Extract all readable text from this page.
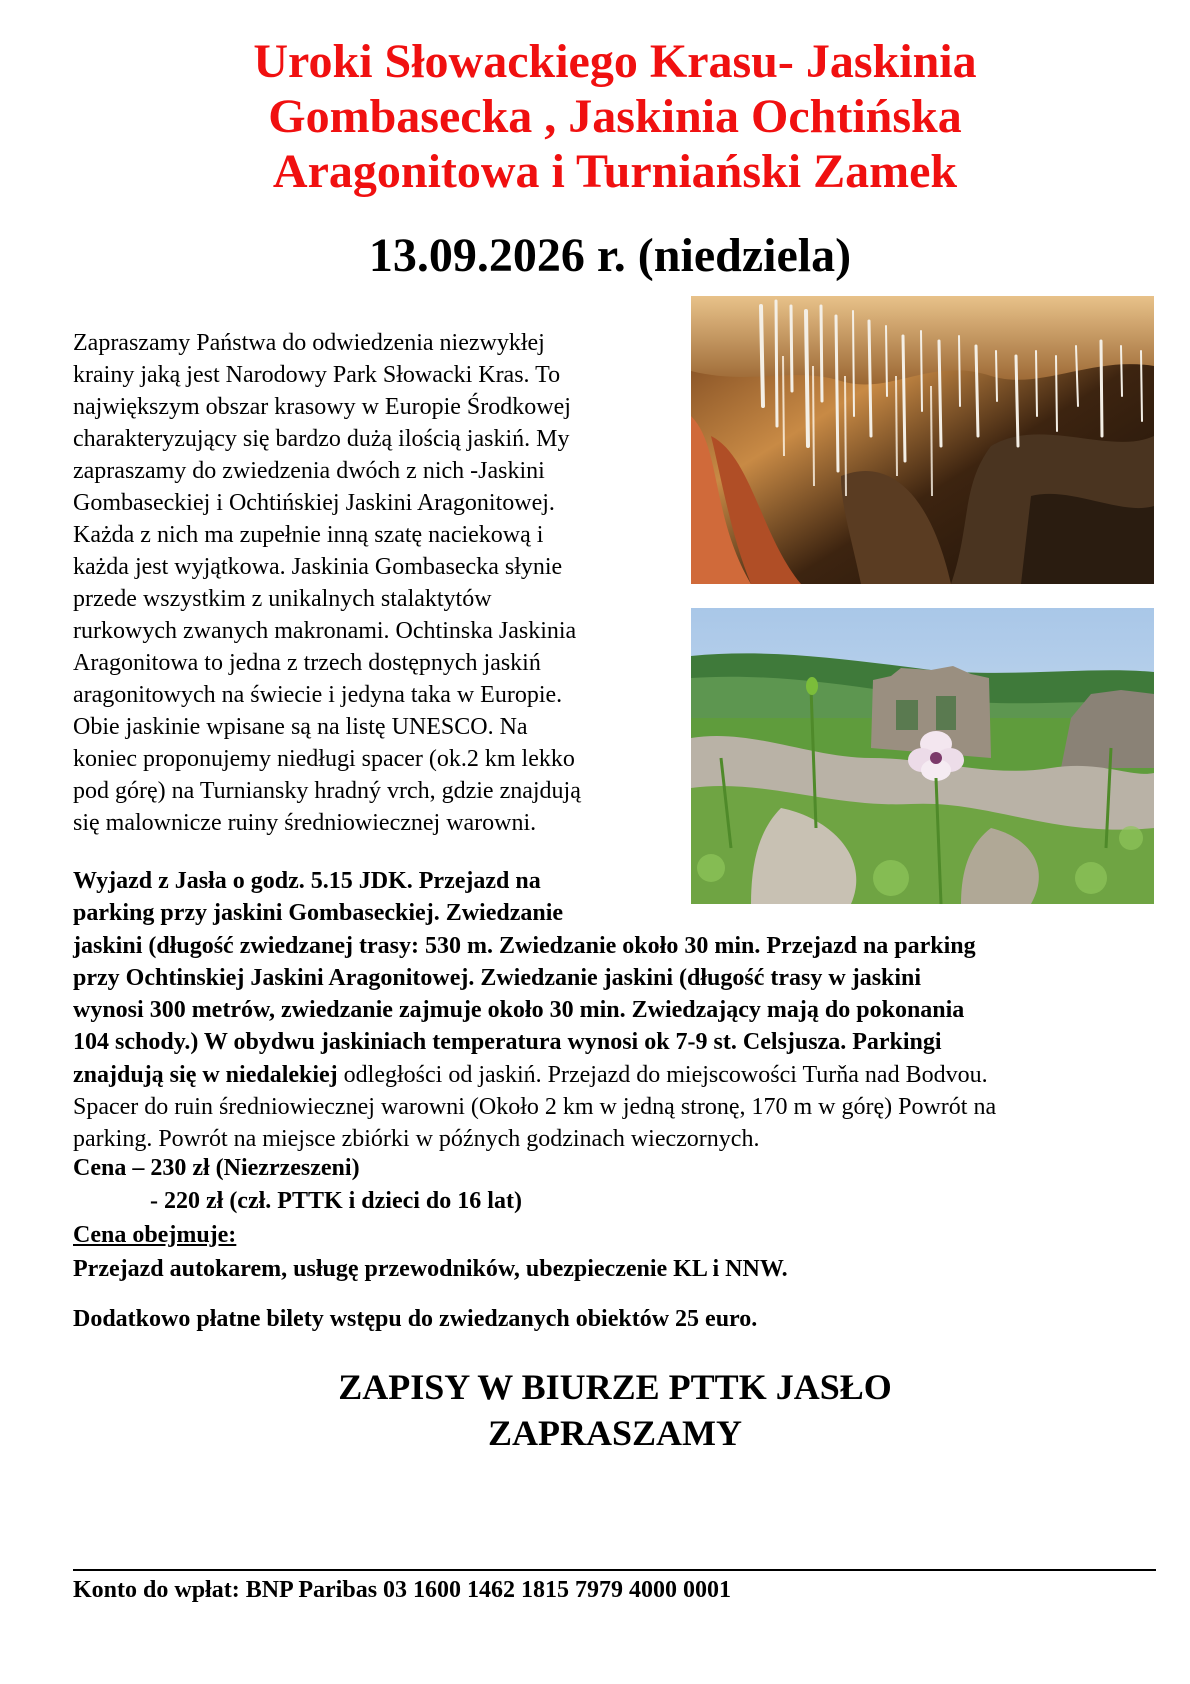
Uroki Słowackiego Krasu- Jaskinia
Gombasecka , Jaskinia Ochtińska
Aragonitowa i Turniański Zamek
13.09.2026 r. (niedziela)
Zapraszamy Państwa do odwiedzenia niezwykłej
krainy jaką jest Narodowy Park Słowacki Kras. To
największym obszar krasowy w Europie Środkowej
charakteryzujący się bardzo dużą ilością jaskiń. My
zapraszamy do zwiedzenia dwóch z nich -Jaskini
Gombaseckiej i Ochtińskiej Jaskini Aragonitowej.
Każda z nich ma zupełnie inną szatę naciekową i
każda jest wyjątkowa. Jaskinia Gombasecka słynie
przede wszystkim z unikalnych stalaktytów
rurkowych zwanych makronami. Ochtinska Jaskinia
Aragonitowa to jedna z trzech dostępnych jaskiń
aragonitowych na świecie i jedyna taka w Europie.
Obie jaskinie wpisane są na listę UNESCO. Na
koniec proponujemy niedługi spacer (ok.2 km lekko
pod górę) na Turniansky hradný vrch, gdzie znajdują
się malownicze ruiny średniowiecznej warowni.
Wyjazd z Jasła o godz. 5.15 JDK. Przejazd na
parking przy jaskini Gombaseckiej. Zwiedzanie
jaskini (długość zwiedzanej trasy: 530 m. Zwiedzanie około 30 min. Przejazd na parking
przy Ochtinskiej Jaskini Aragonitowej. Zwiedzanie jaskini (długość trasy w jaskini
wynosi 300 metrów, zwiedzanie zajmuje około 30 min. Zwiedzający mają do pokonania
104 schody.) W obydwu jaskiniach temperatura wynosi ok 7-9 st. Celsjusza. Parkingi
znajdują się w niedalekiej odległości od jaskiń. Przejazd do miejscowości Turňa nad Bodvou.
Spacer do ruin średniowiecznej warowni (Około 2 km w jedną stronę, 170 m w górę) Powrót na
parking. Powrót na miejsce zbiórki w późnych godzinach wieczornych.
Cena – 230 zł (Niezrzeszeni)
- 220 zł (czł. PTTK i dzieci do 16 lat)
Cena obejmuje:
Przejazd autokarem, usługę przewodników, ubezpieczenie KL i NNW.
Dodatkowo płatne bilety wstępu do zwiedzanych obiektów 25 euro.
ZAPISY W BIURZE PTTK JASŁO
ZAPRASZAMY
Konto do wpłat: BNP Paribas 03 1600 1462 1815 7979 4000 0001
